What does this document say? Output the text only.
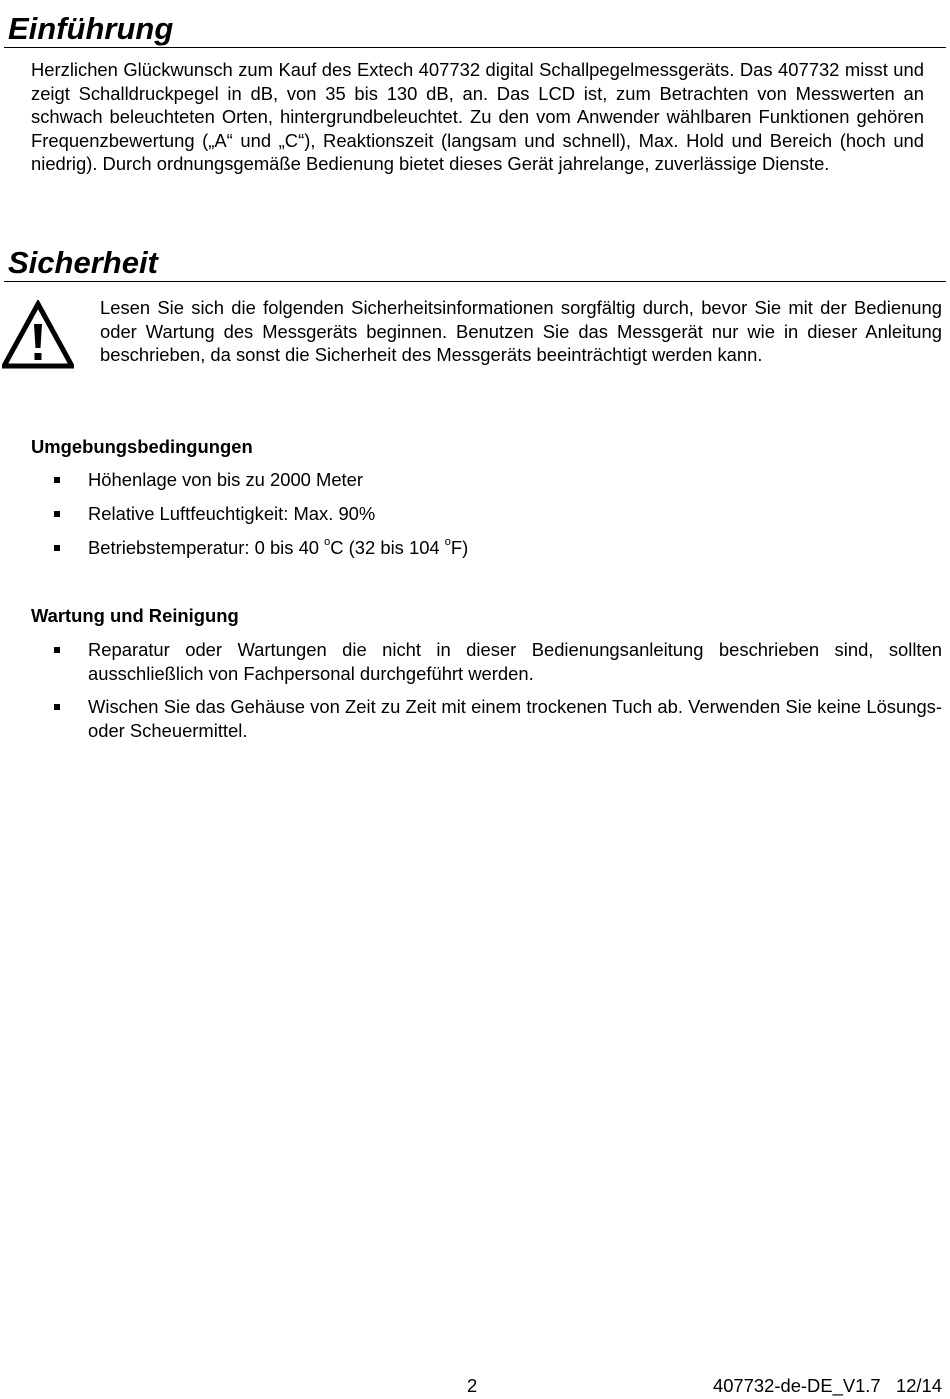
Einführung

Herzlichen Glückwunsch zum Kauf des Extech 407732 digital Schallpegelmessgeräts. Das 407732 misst und zeigt Schalldruckpegel in dB, von 35 bis 130 dB, an. Das LCD ist, zum Betrachten von Messwerten an schwach beleuchteten Orten, hintergrundbeleuchtet. Zu den vom Anwender wählbaren Funktionen gehören Frequenzbewertung („A“ und „C“), Reaktionszeit (langsam und schnell), Max. Hold und Bereich (hoch und niedrig). Durch ordnungsgemäße Bedienung bietet dieses Gerät jahrelange, zuverlässige Dienste.

Sicherheit

Lesen Sie sich die folgenden Sicherheitsinformationen sorgfältig durch, bevor Sie mit der Bedienung oder Wartung des Messgeräts beginnen. Benutzen Sie das Messgerät nur wie in dieser Anleitung beschrieben, da sonst die Sicherheit des Messgeräts beeinträchtigt werden kann.

Umgebungsbedingungen
Höhenlage von bis zu 2000 Meter
Relative Luftfeuchtigkeit: Max. 90%
Betriebstemperatur: 0 bis 40 $^o$C (32 bis 104 $^o$F)
Wartung und Reinigung
Reparatur oder Wartungen die nicht in dieser Bedienungsanleitung beschrieben sind, sollten ausschließlich von Fachpersonal durchgeführt werden.
Wischen Sie das Gehäuse von Zeit zu Zeit mit einem trockenen Tuch ab. Verwenden Sie keine Lösungs- oder Scheuermittel.
2	407732-de-DE_V1.7   12/14
